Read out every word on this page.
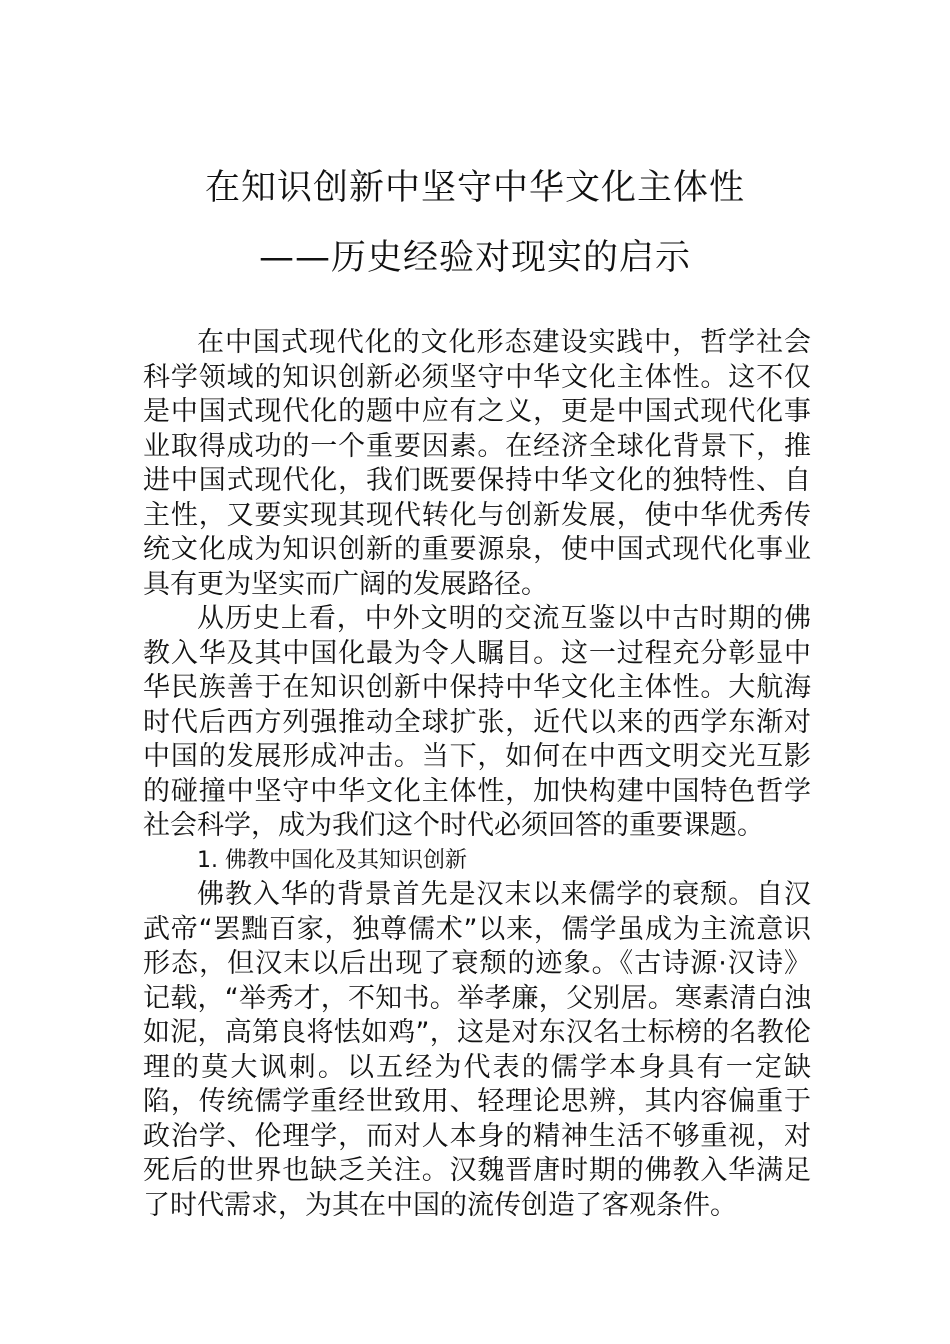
在知识创新中坚守中华文化主体性
——历史经验对现实的启示

在中国式现代化的文化形态建设实践中，哲学社会科学领域的知识创新必须坚守中华文化主体性。这不仅是中国式现代化的题中应有之义，更是中国式现代化事业取得成功的一个重要因素。在经济全球化背景下，推进中国式现代化，我们既要保持中华文化的独特性、自主性，又要实现其现代转化与创新发展，使中华优秀传统文化成为知识创新的重要源泉，使中国式现代化事业具有更为坚实而广阔的发展路径。

从历史上看，中外文明的交流互鉴以中古时期的佛教入华及其中国化最为令人瞩目。这一过程充分彰显中华民族善于在知识创新中保持中华文化主体性。大航海时代后西方列强推动全球扩张，近代以来的西学东渐对中国的发展形成冲击。当下，如何在中西文明交光互影的碰撞中坚守中华文化主体性，加快构建中国特色哲学社会科学，成为我们这个时代必须回答的重要课题。

1. 佛教中国化及其知识创新

佛教入华的背景首先是汉末以来儒学的衰颓。自汉武帝“罢黜百家，独尊儒术”以来，儒学虽成为主流意识形态，但汉末以后出现了衰颓的迹象。《古诗源·汉诗》记载，“举秀才，不知书。举孝廉，父别居。寒素清白浊如泥，高第良将怯如鸡”，这是对东汉名士标榜的名教伦理的莫大讽刺。以五经为代表的儒学本身具有一定缺陷，传统儒学重经世致用、轻理论思辨，其内容偏重于政治学、伦理学，而对人本身的精神生活不够重视，对死后的世界也缺乏关注。汉魏晋唐时期的佛教入华满足了时代需求，为其在中国的流传创造了客观条件。
